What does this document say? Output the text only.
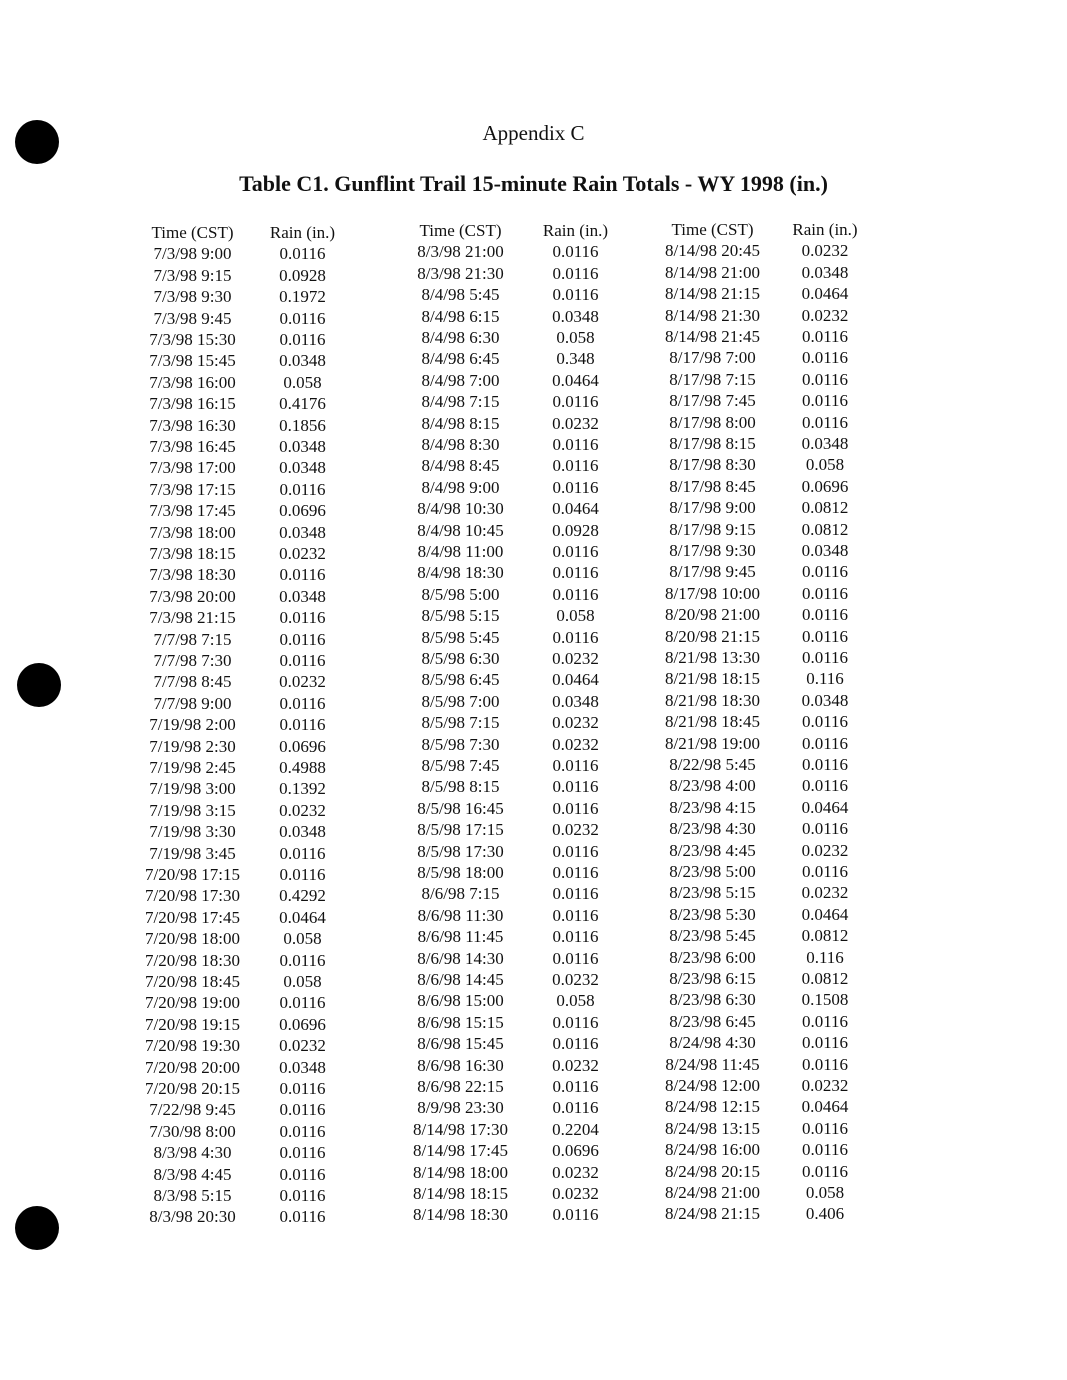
Appendix C
Table C1. Gunflint Trail 15-minute Rain Totals - WY 1998 (in.)
Time (CST)	Rain (in.)
7/3/98 9:00	0.0116
7/3/98 9:15	0.0928
7/3/98 9:30	0.1972
7/3/98 9:45	0.0116
7/3/98 15:30	0.0116
7/3/98 15:45	0.0348
7/3/98 16:00	0.058
7/3/98 16:15	0.4176
7/3/98 16:30	0.1856
7/3/98 16:45	0.0348
7/3/98 17:00	0.0348
7/3/98 17:15	0.0116
7/3/98 17:45	0.0696
7/3/98 18:00	0.0348
7/3/98 18:15	0.0232
7/3/98 18:30	0.0116
7/3/98 20:00	0.0348
7/3/98 21:15	0.0116
7/7/98 7:15	0.0116
7/7/98 7:30	0.0116
7/7/98 8:45	0.0232
7/7/98 9:00	0.0116
7/19/98 2:00	0.0116
7/19/98 2:30	0.0696
7/19/98 2:45	0.4988
7/19/98 3:00	0.1392
7/19/98 3:15	0.0232
7/19/98 3:30	0.0348
7/19/98 3:45	0.0116
7/20/98 17:15	0.0116
7/20/98 17:30	0.4292
7/20/98 17:45	0.0464
7/20/98 18:00	0.058
7/20/98 18:30	0.0116
7/20/98 18:45	0.058
7/20/98 19:00	0.0116
7/20/98 19:15	0.0696
7/20/98 19:30	0.0232
7/20/98 20:00	0.0348
7/20/98 20:15	0.0116
7/22/98 9:45	0.0116
7/30/98 8:00	0.0116
8/3/98 4:30	0.0116
8/3/98 4:45	0.0116
8/3/98 5:15	0.0116
8/3/98 20:30	0.0116
Time (CST)	Rain (in.)
8/3/98 21:00	0.0116
8/3/98 21:30	0.0116
8/4/98 5:45	0.0116
8/4/98 6:15	0.0348
8/4/98 6:30	0.058
8/4/98 6:45	0.348
8/4/98 7:00	0.0464
8/4/98 7:15	0.0116
8/4/98 8:15	0.0232
8/4/98 8:30	0.0116
8/4/98 8:45	0.0116
8/4/98 9:00	0.0116
8/4/98 10:30	0.0464
8/4/98 10:45	0.0928
8/4/98 11:00	0.0116
8/4/98 18:30	0.0116
8/5/98 5:00	0.0116
8/5/98 5:15	0.058
8/5/98 5:45	0.0116
8/5/98 6:30	0.0232
8/5/98 6:45	0.0464
8/5/98 7:00	0.0348
8/5/98 7:15	0.0232
8/5/98 7:30	0.0232
8/5/98 7:45	0.0116
8/5/98 8:15	0.0116
8/5/98 16:45	0.0116
8/5/98 17:15	0.0232
8/5/98 17:30	0.0116
8/5/98 18:00	0.0116
8/6/98 7:15	0.0116
8/6/98 11:30	0.0116
8/6/98 11:45	0.0116
8/6/98 14:30	0.0116
8/6/98 14:45	0.0232
8/6/98 15:00	0.058
8/6/98 15:15	0.0116
8/6/98 15:45	0.0116
8/6/98 16:30	0.0232
8/6/98 22:15	0.0116
8/9/98 23:30	0.0116
8/14/98 17:30	0.2204
8/14/98 17:45	0.0696
8/14/98 18:00	0.0232
8/14/98 18:15	0.0232
8/14/98 18:30	0.0116
Time (CST)	Rain (in.)
8/14/98 20:45	0.0232
8/14/98 21:00	0.0348
8/14/98 21:15	0.0464
8/14/98 21:30	0.0232
8/14/98 21:45	0.0116
8/17/98 7:00	0.0116
8/17/98 7:15	0.0116
8/17/98 7:45	0.0116
8/17/98 8:00	0.0116
8/17/98 8:15	0.0348
8/17/98 8:30	0.058
8/17/98 8:45	0.0696
8/17/98 9:00	0.0812
8/17/98 9:15	0.0812
8/17/98 9:30	0.0348
8/17/98 9:45	0.0116
8/17/98 10:00	0.0116
8/20/98 21:00	0.0116
8/20/98 21:15	0.0116
8/21/98 13:30	0.0116
8/21/98 18:15	0.116
8/21/98 18:30	0.0348
8/21/98 18:45	0.0116
8/21/98 19:00	0.0116
8/22/98 5:45	0.0116
8/23/98 4:00	0.0116
8/23/98 4:15	0.0464
8/23/98 4:30	0.0116
8/23/98 4:45	0.0232
8/23/98 5:00	0.0116
8/23/98 5:15	0.0232
8/23/98 5:30	0.0464
8/23/98 5:45	0.0812
8/23/98 6:00	0.116
8/23/98 6:15	0.0812
8/23/98 6:30	0.1508
8/23/98 6:45	0.0116
8/24/98 4:30	0.0116
8/24/98 11:45	0.0116
8/24/98 12:00	0.0232
8/24/98 12:15	0.0464
8/24/98 13:15	0.0116
8/24/98 16:00	0.0116
8/24/98 20:15	0.0116
8/24/98 21:00	0.058
8/24/98 21:15	0.406
